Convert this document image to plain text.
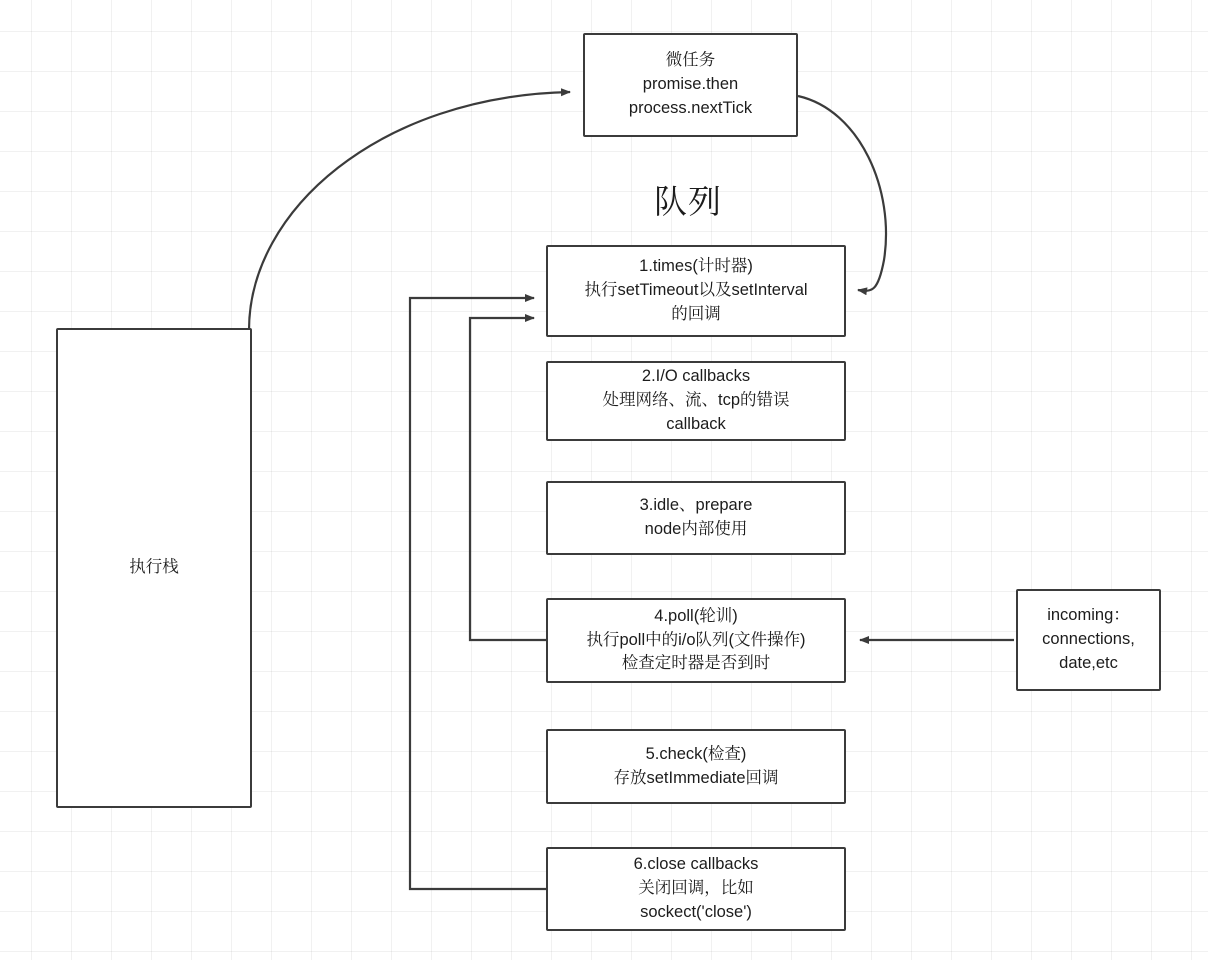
队列
微任务
promise.then
process.nextTick
执行栈
1.times(计时器)
执行setTimeout以及setInterval
的回调
2.I/O callbacks
处理网络、流、tcp的错误
callback
3.idle、prepare
node内部使用
4.poll(轮训)
执行poll中的i/o队列(文件操作)
检查定时器是否到时
5.check(检查)
存放setImmediate回调
6.close callbacks
关闭回调，比如
sockect('close')
incoming：
connections,
date,etc
